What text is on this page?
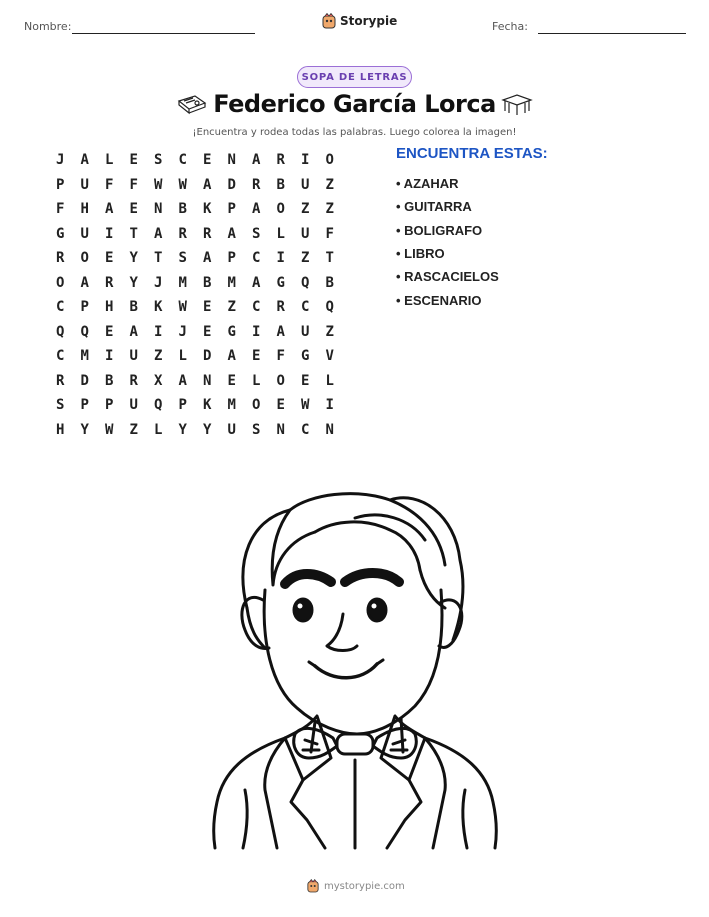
Nombre:	Storypie	Fecha:
SOPA DE LETRAS
Federico García Lorca
¡Encuentra y rodea todas las palabras. Luego colorea la imagen!
J	A	L	E	S	C	E	N	A	R	I	O
P	U	F	F	W	W	A	D	R	B	U	Z
F	H	A	E	N	B	K	P	A	O	Z	Z
G	U	I	T	A	R	R	A	S	L	U	F
R	O	E	Y	T	S	A	P	C	I	Z	T
O	A	R	Y	J	M	B	M	A	G	Q	B
C	P	H	B	K	W	E	Z	C	R	C	Q
Q	Q	E	A	I	J	E	G	I	A	U	Z
C	M	I	U	Z	L	D	A	E	F	G	V
R	D	B	R	X	A	N	E	L	O	E	L
S	P	P	U	Q	P	K	M	O	E	W	I
H	Y	W	Z	L	Y	Y	U	S	N	C	N
ENCUENTRA ESTAS:
• AZAHAR
• GUITARRA
• BOLIGRAFO
• LIBRO
• RASCACIELOS
• ESCENARIO
mystorypie.com
